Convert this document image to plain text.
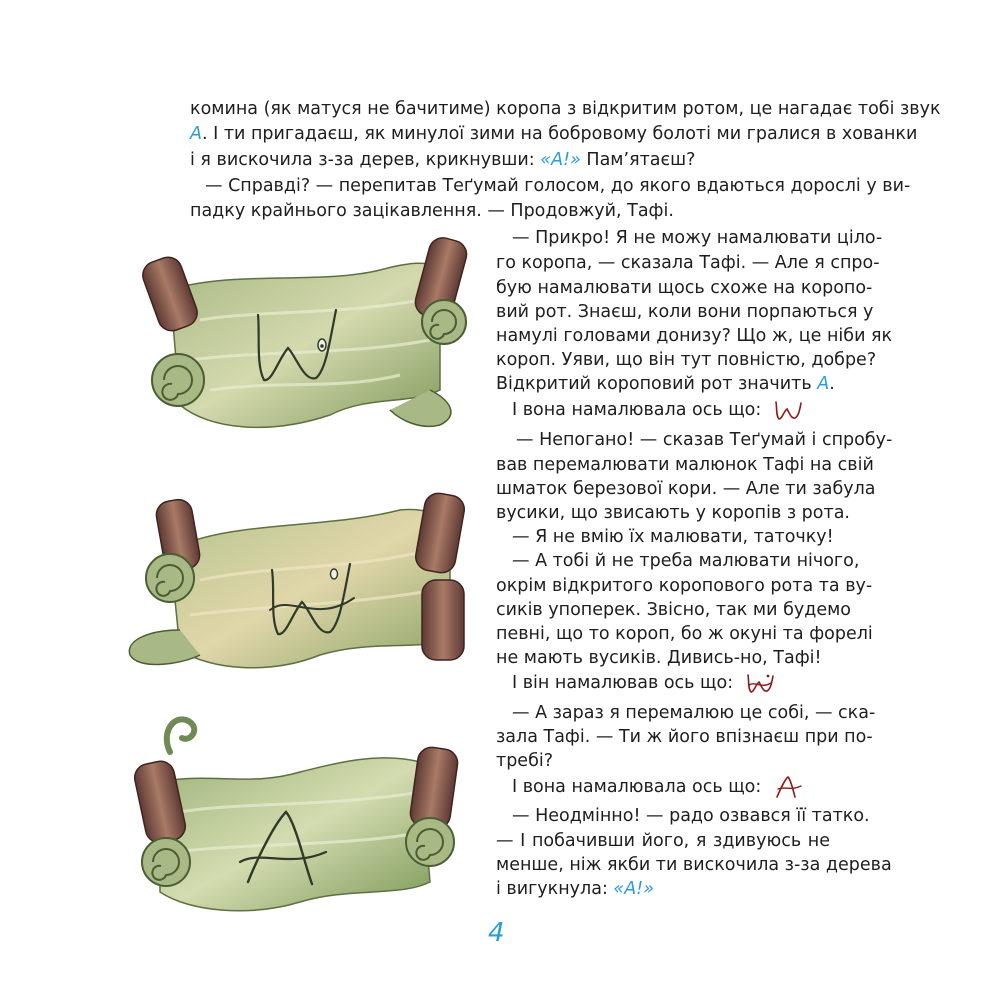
комина (як матуся не бачитиме) коропа з відкритим ротом, це нагадає тобі звук
А. І ти пригадаєш, як минулої зими на бобровому болоті ми гралися в хованки
і я вискочила з-за дерев, крикнувши: «А!» Пам’ятаєш?
— Справді? — перепитав Теґумай голосом, до якого вдаються дорослі у ви-
падку крайнього зацікавлення. — Продовжуй, Тафі.
— Прикро! Я не можу намалювати цілo-
го коропа, — сказала Тафі. — Але я спро-
бую намалювати щось схоже на коропо-
вий рот. Знаєш, коли вони порпаються у
намулі головами донизу? Що ж, це ніби як
короп. Уяви, що він тут повністю, добре?
Відкритий короповий рот значить А.
І вона намалювала ось що:
— Непогано! — сказав Теґумай і спробу-
вав перемалювати малюнок Тафі на свій
шматок березової кори. — Але ти забула
вусики, що звисають у коропів з рота.
— Я не вмію їх малювати, таточку!
— А тобі й не треба малювати нічого,
окрім відкритого коропового рота та ву-
сиків упоперек. Звісно, так ми будемо
певні, що то короп, бо ж окуні та форелі
не мають вусиків. Дивись-но, Тафі!
І він намалював ось що:
— А зараз я перемалюю це собі, — ска-
зала Тафі. — Ти ж його впізнаєш при по-
требі?
І вона намалювала ось що:
— Неодмінно! — радо озвався її татко.
— І побачивши його, я здивуюсь не
менше, ніж якби ти вискочила з-за дерева
і вигукнула: «А!»
4
